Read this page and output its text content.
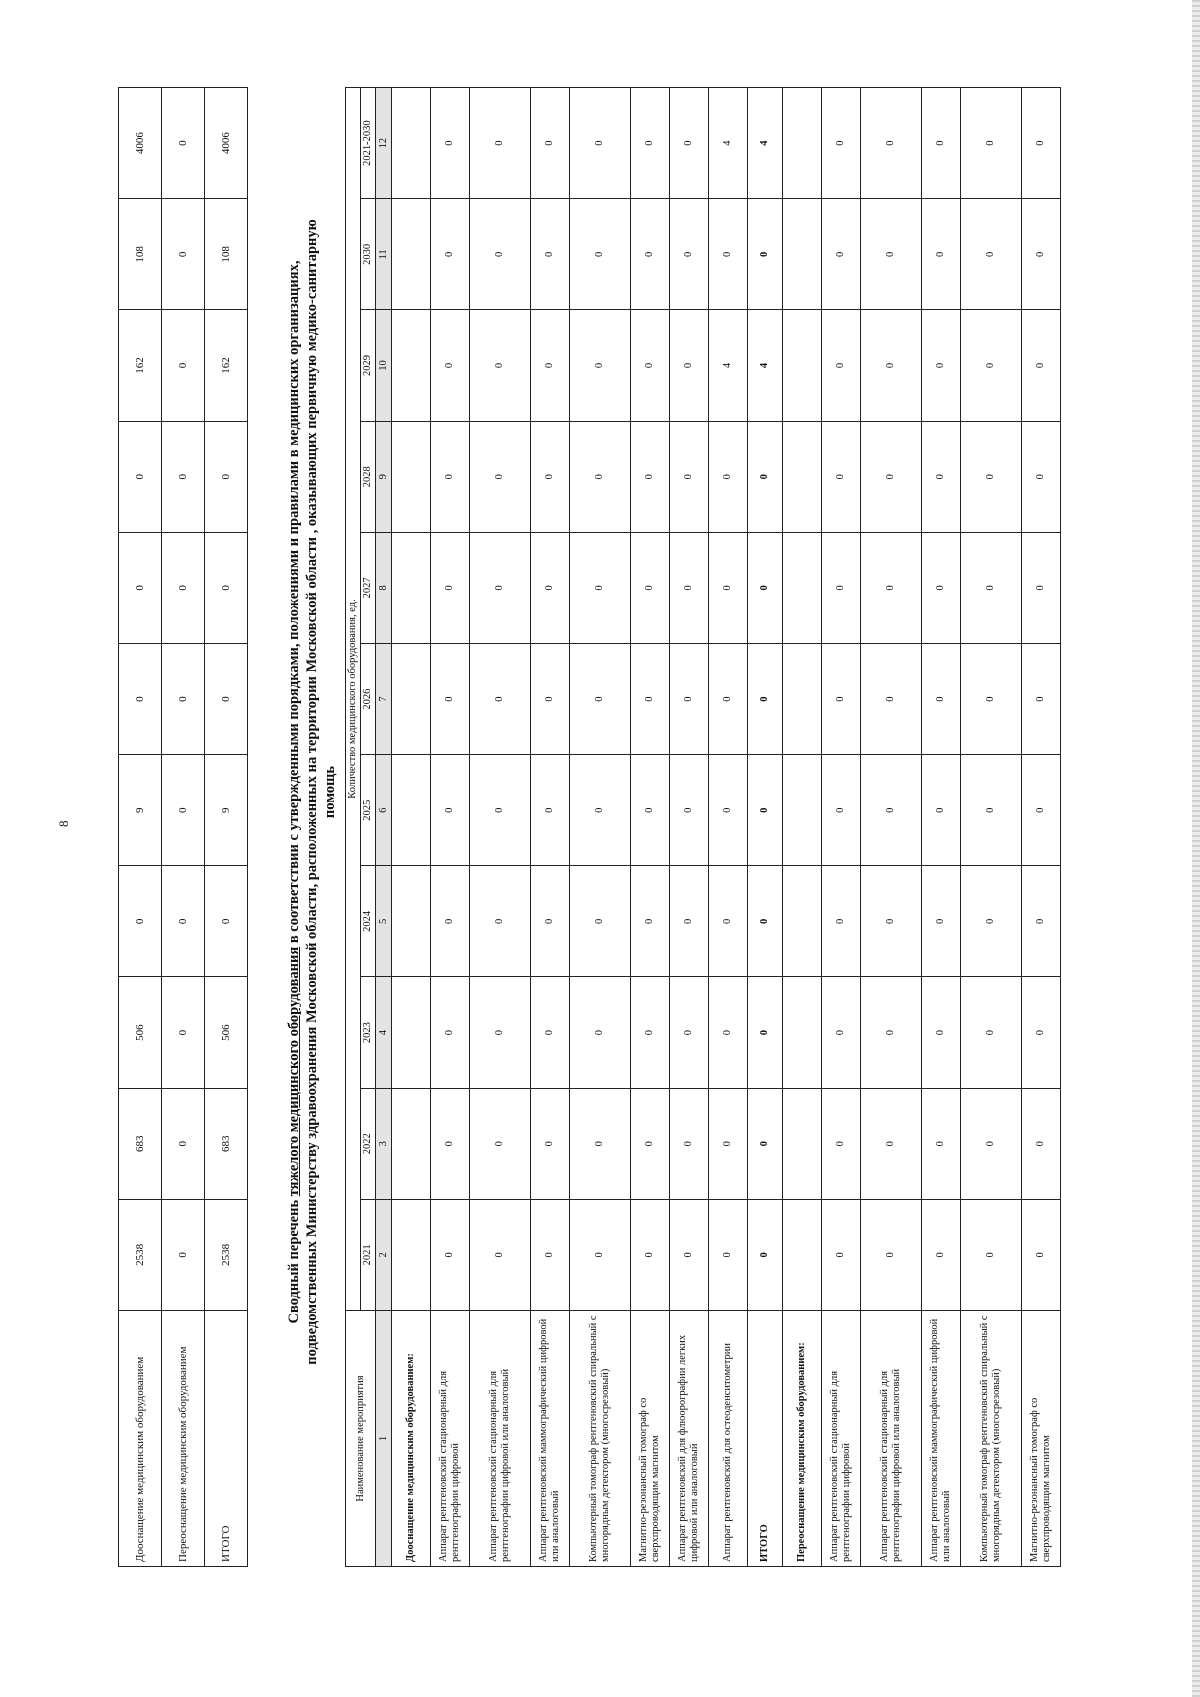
8
Дооснащение медицинским оборудованием	2538	683	506	0	9	0	0	0	162	108	4006
Переоснащение медицинским оборудованием	0	0	0	0	0	0	0	0	0	0	0
ИТОГО	2538	683	506	0	9	0	0	0	162	108	4006
Сводный перечень тяжелого медицинского оборудования в соответствии с утвержденными порядками, положениями и правилами в медицинских организациях, подведомственных Министерству здравоохранения Московской области, расположенных на территории Московской области , оказывающих первичную медико-санитарную помощь
Наименование мероприятия	Количество медицинского оборудования, ед.										
	2021	2022	2023	2024	2025	2026	2027	2028	2029	2030	2021-2030
1	2	3	4	5	6	7	8	9	10	11	12
Дооснащение медицинским оборудованием:											
Аппарат рентгеновский стационарный для рентгенографии цифровой	0	0	0	0	0	0	0	0	0	0	0
Аппарат рентгеновский стационарный для рентгенографии цифровой или аналоговый	0	0	0	0	0	0	0	0	0	0	0
Аппарат рентгеновский маммографический цифровой или аналоговый	0	0	0	0	0	0	0	0	0	0	0
Компьютерный томограф рентгеновский спиральный с многорядным детектором (многосрезовый)	0	0	0	0	0	0	0	0	0	0	0
Магнитно-резонансный томограф со сверхпроводящим магнитом	0	0	0	0	0	0	0	0	0	0	0
Аппарат рентгеновский для флюорографии легких цифровой или аналоговый	0	0	0	0	0	0	0	0	0	0	0
Аппарат рентгеновский для остеоденситометрии	0	0	0	0	0	0	0	0	4	0	4
ИТОГО	0	0	0	0	0	0	0	0	4	0	4
Переоснащение медицинским оборудованием:											
Аппарат рентгеновский стационарный для рентгенографии цифровой	0	0	0	0	0	0	0	0	0	0	0
Аппарат рентгеновский стационарный для рентгенографии цифровой или аналоговый	0	0	0	0	0	0	0	0	0	0	0
Аппарат рентгеновский маммографический цифровой или аналоговый	0	0	0	0	0	0	0	0	0	0	0
Компьютерный томограф рентгеновский спиральный с многорядным детектором (многосрезовый)	0	0	0	0	0	0	0	0	0	0	0
Магнитно-резонансный томограф со сверхпроводящим магнитом	0	0	0	0	0	0	0	0	0	0	0
